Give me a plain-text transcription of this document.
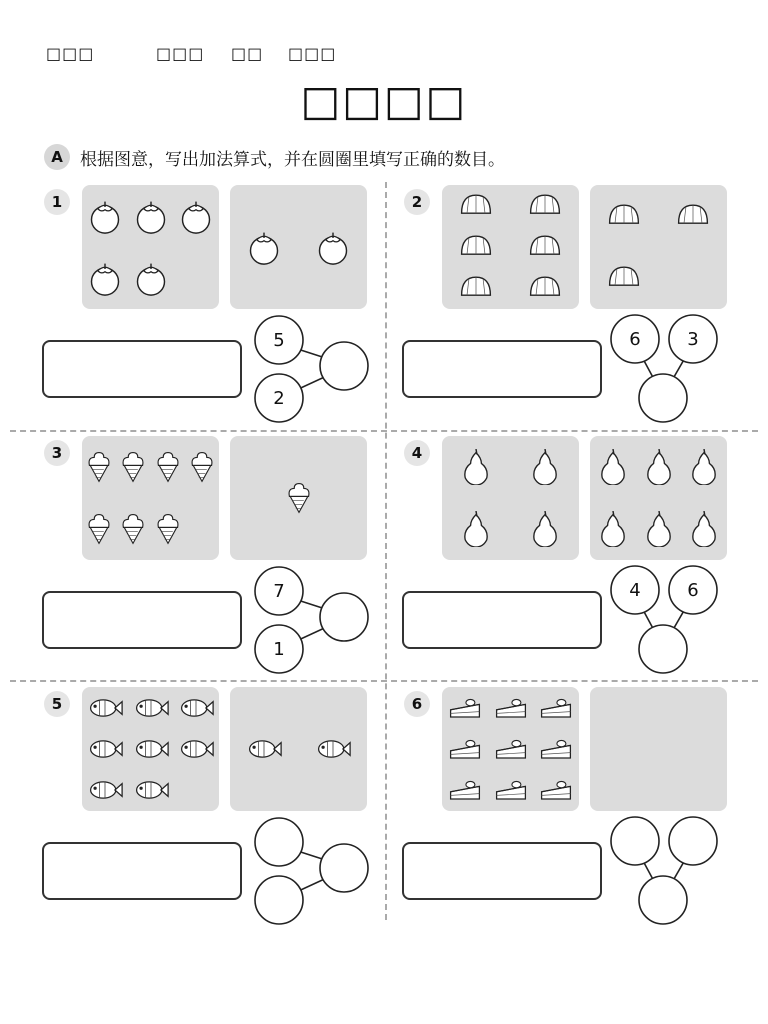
□□□	□□□ □□ □□□
□□□□
A	根据图意，写出加法算式，并在圆圈里填写正确的数目。
1
5
2
2
6	3
3
7
1
4
4	6
5	6
